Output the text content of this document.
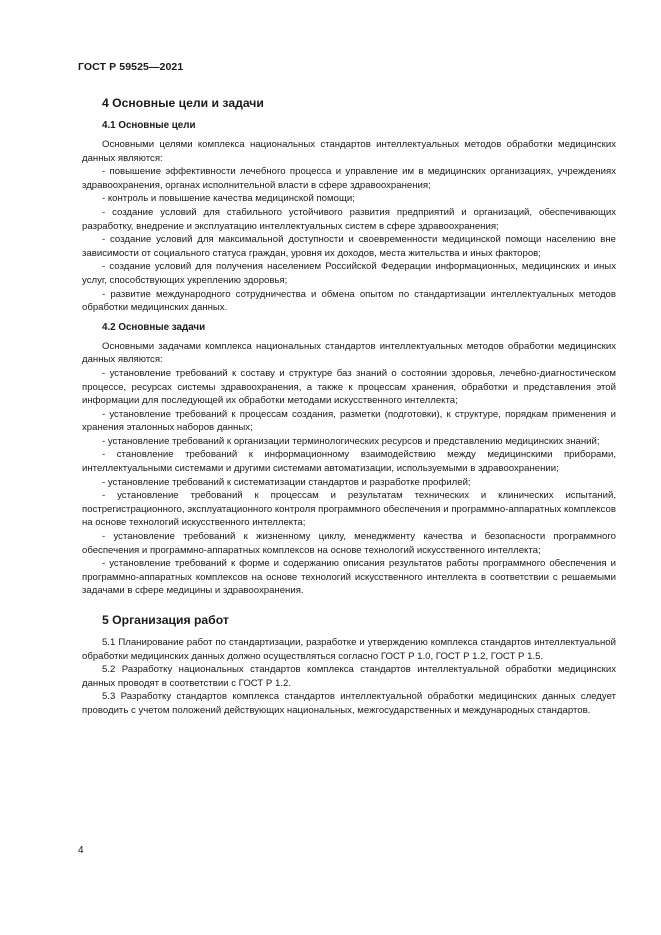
ГОСТ Р 59525—2021
4 Основные цели и задачи
4.1 Основные цели

Основными целями комплекса национальных стандартов интеллектуальных методов обработки медицинских данных являются:

- повышение эффективности лечебного процесса и управление им в медицинских организациях, учреждениях здравоохранения, органах исполнительной власти в сфере здравоохранения;

- контроль и повышение качества медицинской помощи;

- создание условий для стабильного устойчивого развития предприятий и организаций, обеспечивающих разработку, внедрение и эксплуатацию интеллектуальных систем в сфере здравоохранения;

- создание условий для максимальной доступности и своевременности медицинской помощи населению вне зависимости от социального статуса граждан, уровня их доходов, места жительства и иных факторов;

- создание условий для получения населением Российской Федерации информационных, медицинских и иных услуг, способствующих укреплению здоровья;

- развитие международного сотрудничества и обмена опытом по стандартизации интеллектуальных методов обработки медицинских данных.

4.2 Основные задачи

Основными задачами комплекса национальных стандартов интеллектуальных методов обработки медицинских данных являются:

- установление требований к составу и структуре баз знаний о состоянии здоровья, лечебно-диагностическом процессе, ресурсах системы здравоохранения, а также к процессам хранения, обработки и представления этой информации для последующей их обработки методами искусственного интеллекта;

- установление требований к процессам создания, разметки (подготовки), к структуре, порядкам применения и хранения эталонных наборов данных;

- установление требований к организации терминологических ресурсов и представлению медицинских знаний;

- становление требований к информационному взаимодействию между медицинскими приборами, интеллектуальными системами и другими системами автоматизации, используемыми в здравоохранении;

- установление требований к систематизации стандартов и разработке профилей;

- установление требований к процессам и результатам технических и клинических испытаний, пострегистрационного, эксплуатационного контроля программного обеспечения и программно-аппаратных комплексов на основе технологий искусственного интеллекта;

- установление требований к жизненному циклу, менеджменту качества и безопасности программного обеспечения и программно-аппаратных комплексов на основе технологий искусственного интеллекта;

- установление требований к форме и содержанию описания результатов работы программного обеспечения и программно-аппаратных комплексов на основе технологий искусственного интеллекта в соответствии с решаемыми задачами в сфере медицины и здравоохранения.

5 Организация работ

5.1 Планирование работ по стандартизации, разработке и утверждению комплекса стандартов интеллектуальной обработки медицинских данных должно осуществляться согласно ГОСТ Р 1.0, ГОСТ Р 1.2, ГОСТ Р 1.5.

5.2 Разработку национальных стандартов комплекса стандартов интеллектуальной обработки медицинских данных проводят в соответствии с ГОСТ Р 1.2.

5.3 Разработку стандартов комплекса стандартов интеллектуальной обработки медицинских данных следует проводить с учетом положений действующих национальных, межгосударственных и международных стандартов.

4
